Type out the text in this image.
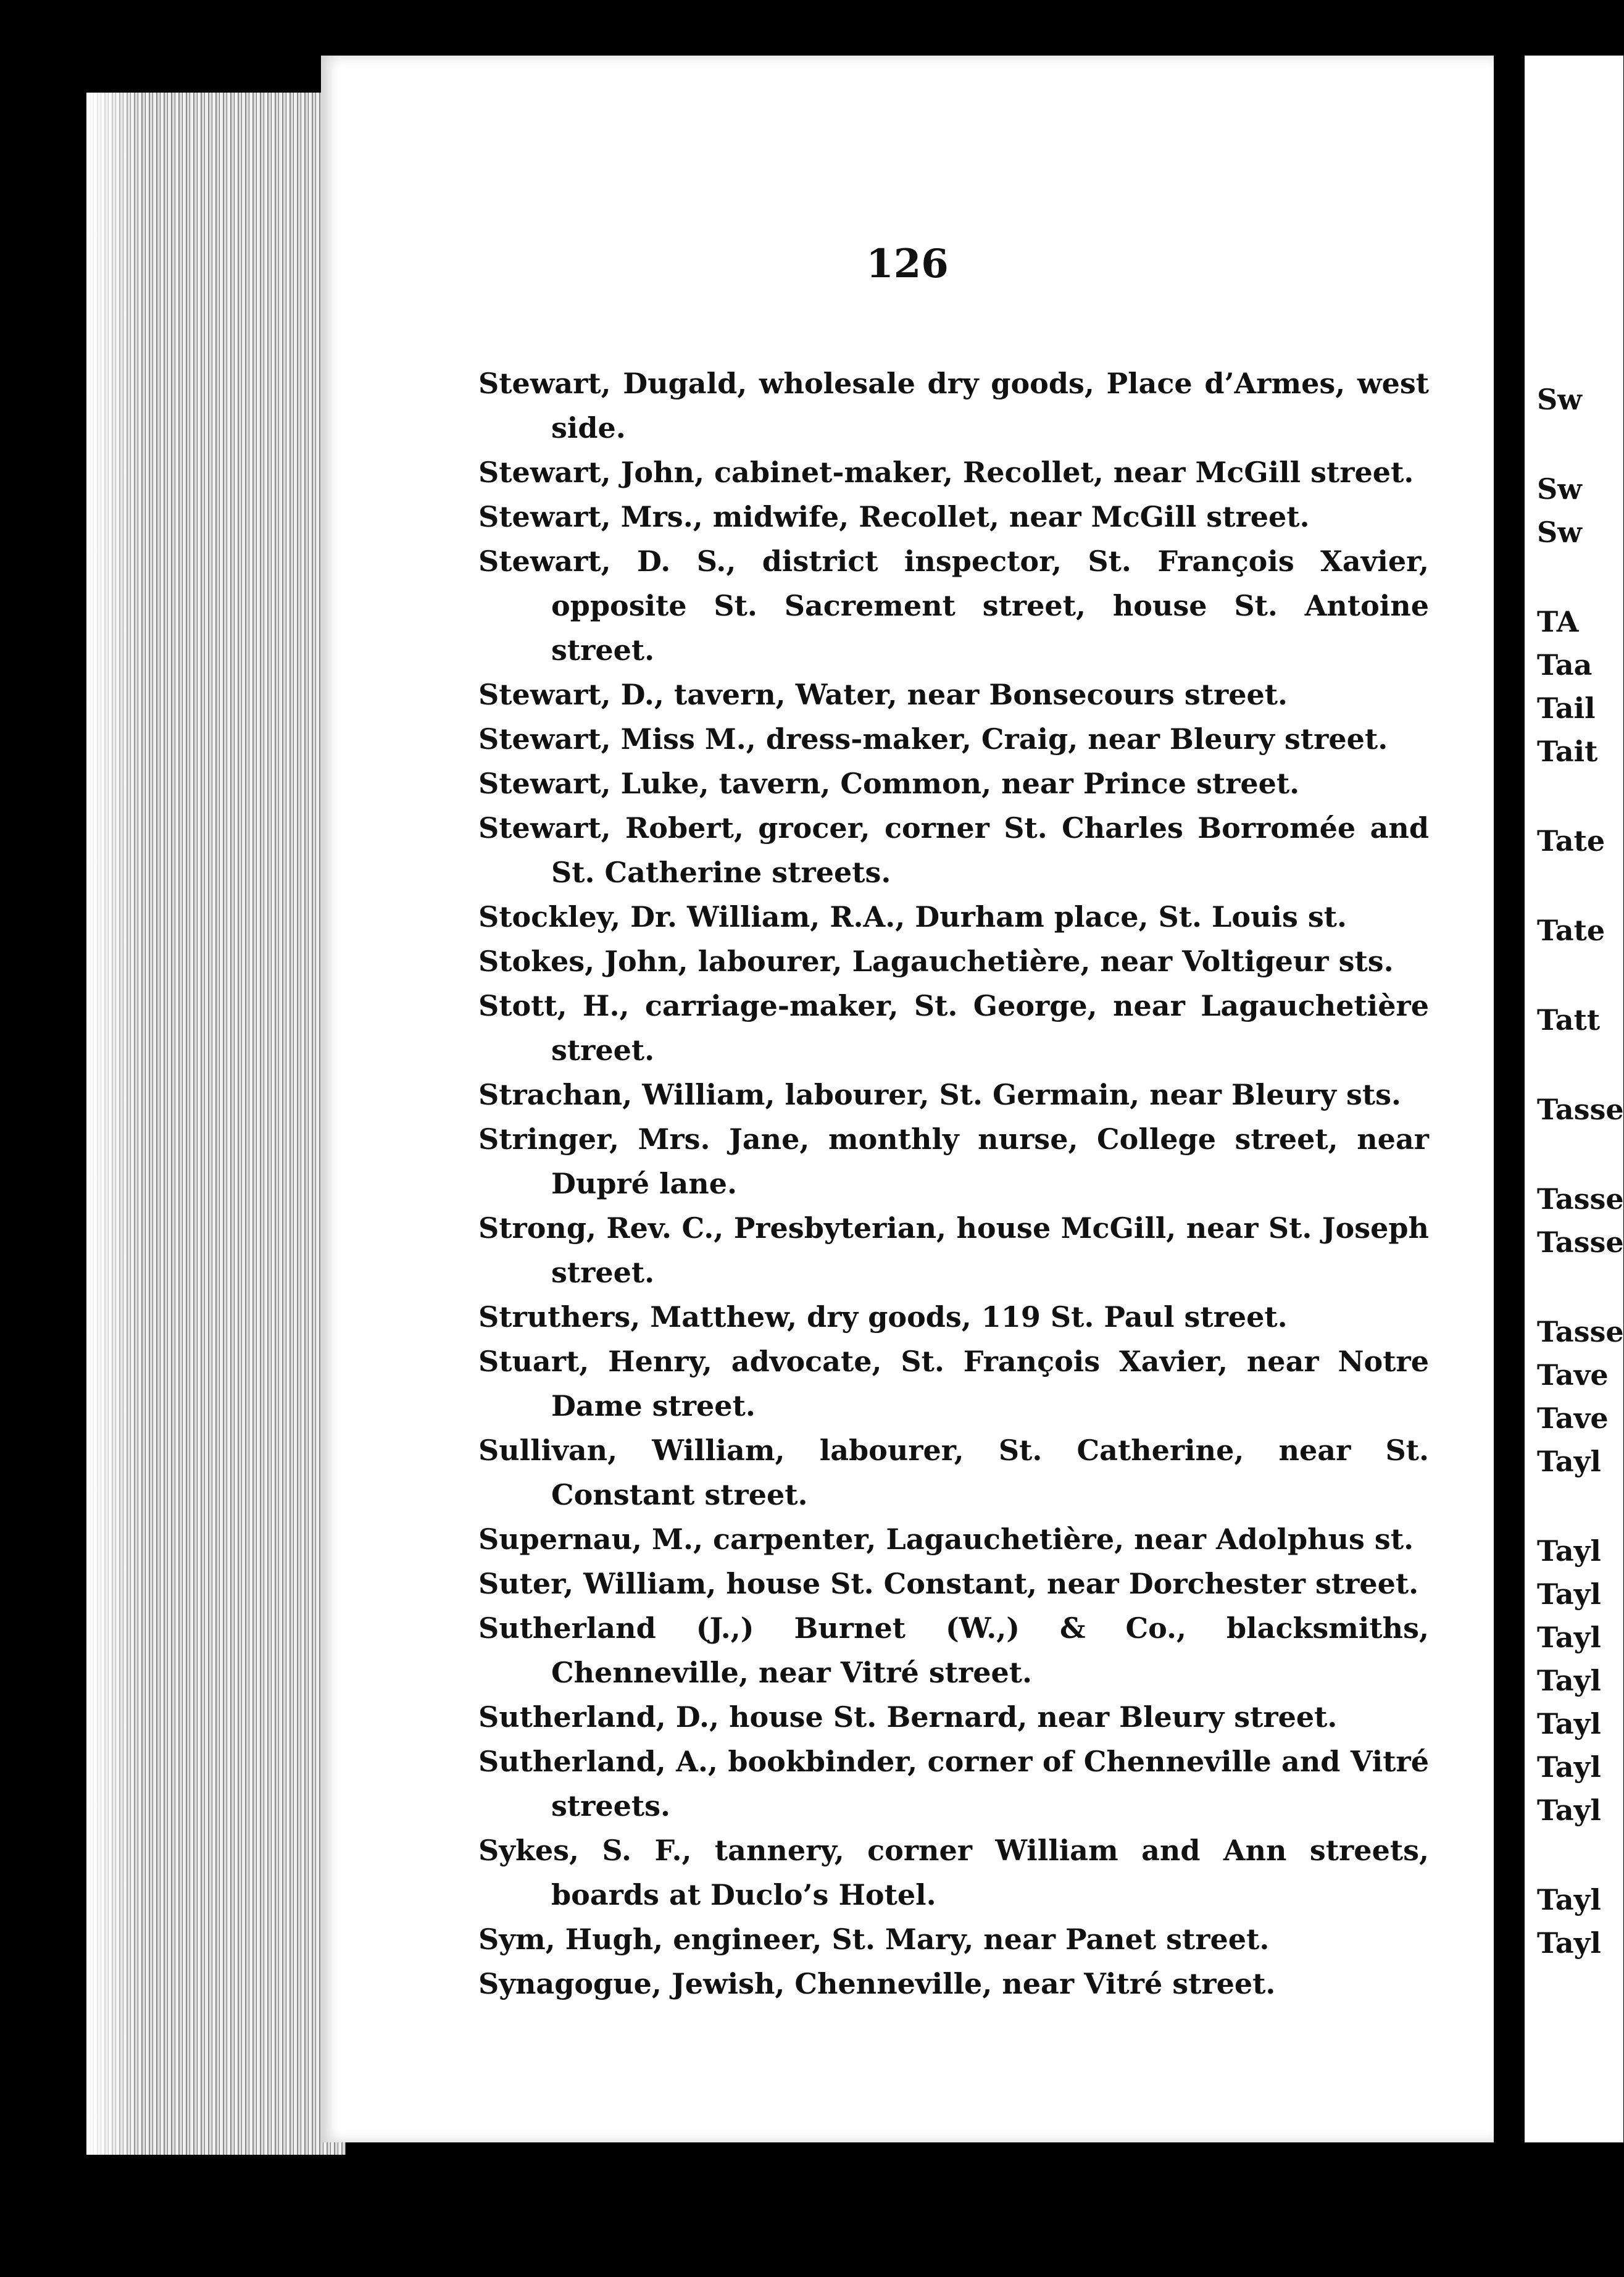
126
Stewart, Dugald, wholesale dry goods, Place d’Armes, west side.
Stewart, John, cabinet-maker, Recollet, near McGill street.
Stewart, Mrs., midwife, Recollet, near McGill street.
Stewart, D. S., district inspector, St. François Xavier, opposite St. Sacrement street, house St. Antoine street.
Stewart, D., tavern, Water, near Bonsecours street.
Stewart, Miss M., dress-maker, Craig, near Bleury street.
Stewart, Luke, tavern, Common, near Prince street.
Stewart, Robert, grocer, corner St. Charles Borromée and St. Catherine streets.
Stockley, Dr. William, R.A., Durham place, St. Louis st.
Stokes, John, labourer, Lagauchetière, near Voltigeur sts.
Stott, H., carriage-maker, St. George, near Lagauchetière street.
Strachan, William, labourer, St. Germain, near Bleury sts.
Stringer, Mrs. Jane, monthly nurse, College street, near Dupré lane.
Strong, Rev. C., Presbyterian, house McGill, near St. Joseph street.
Struthers, Matthew, dry goods, 119 St. Paul street.
Stuart, Henry, advocate, St. François Xavier, near Notre Dame street.
Sullivan, William, labourer, St. Catherine, near St. Constant street.
Supernau, M., carpenter, Lagauchetière, near Adolphus st.
Suter, William, house St. Constant, near Dorchester street.
Sutherland (J.,) Burnet (W.,) & Co., blacksmiths, Chenneville, near Vitré street.
Sutherland, D., house St. Bernard, near Bleury street.
Sutherland, A., bookbinder, corner of Chenneville and Vitré streets.
Sykes, S. F., tannery, corner William and Ann streets, boards at Duclo’s Hotel.
Sym, Hugh, engineer, St. Mary, near Panet street.
Synagogue, Jewish, Chenneville, near Vitré street.
Sw
Sw
Sw
TA
Taa
Tail
Tait
Tate
Tate
Tatt
Tasse
Tasse
Tasse
Tasse
Tave
Tave
Tayl
Tayl
Tayl
Tayl
Tayl
Tayl
Tayl
Tayl
Tayl
Tayl
